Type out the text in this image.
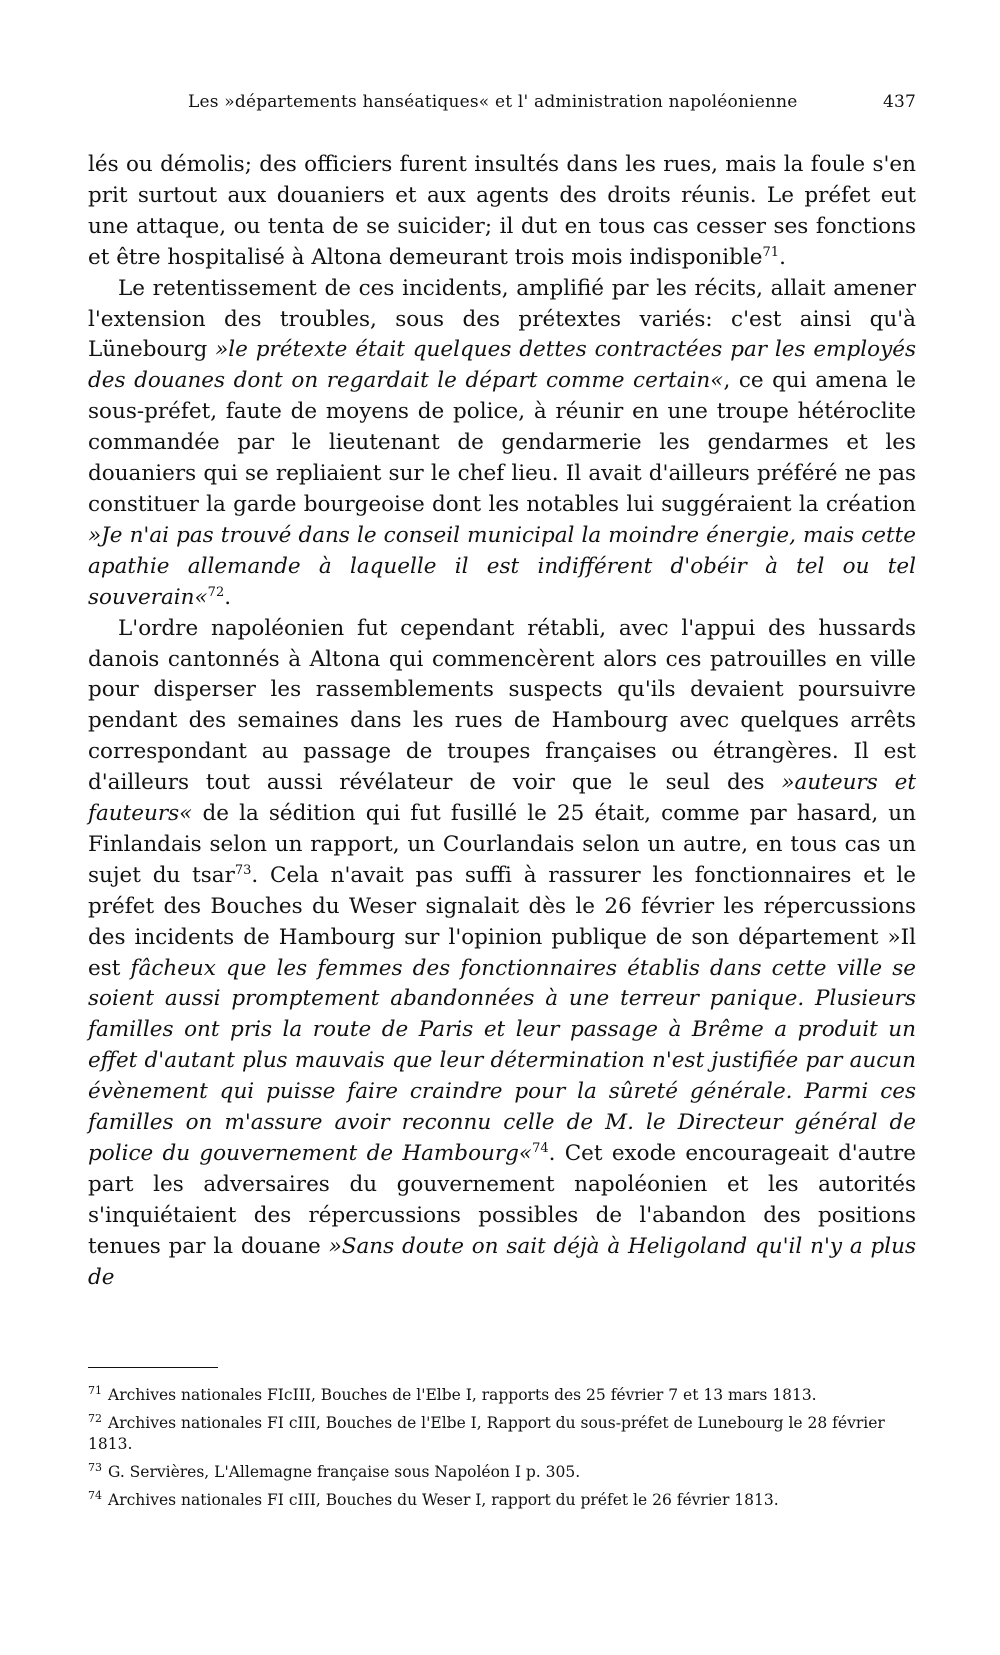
Les »départements hanséatiques« et l' administration napoléonienne	437

lés ou démolis; des officiers furent insultés dans les rues, mais la foule s'en prit surtout aux douaniers et aux agents des droits réunis. Le préfet eut une attaque, ou tenta de se suicider; il dut en tous cas cesser ses fonctions et être hospitalisé à Altona demeurant trois mois indisponible$^{71}$.

Le retentissement de ces incidents, amplifié par les récits, allait amener l'extension des troubles, sous des prétextes variés: c'est ainsi qu'à Lünebourg »le prétexte était quelques dettes contractées par les employés des douanes dont on regardait le départ comme certain«, ce qui amena le sous-préfet, faute de moyens de police, à réunir en une troupe hétéroclite commandée par le lieutenant de gendarmerie les gendarmes et les douaniers qui se repliaient sur le chef lieu. Il avait d'ailleurs préféré ne pas constituer la garde bourgeoise dont les notables lui suggéraient la création »Je n'ai pas trouvé dans le conseil municipal la moindre énergie, mais cette apathie allemande à laquelle il est indifférent d'obéir à tel ou tel souverain«$^{72}$.

L'ordre napoléonien fut cependant rétabli, avec l'appui des hussards danois cantonnés à Altona qui commencèrent alors ces patrouilles en ville pour disperser les rassemblements suspects qu'ils devaient poursuivre pendant des semaines dans les rues de Hambourg avec quelques arrêts correspondant au passage de troupes françaises ou étrangères. Il est d'ailleurs tout aussi révélateur de voir que le seul des »auteurs et fauteurs« de la sédition qui fut fusillé le 25 était, comme par hasard, un Finlandais selon un rapport, un Courlandais selon un autre, en tous cas un sujet du tsar$^{73}$. Cela n'avait pas suffi à rassurer les fonctionnaires et le préfet des Bouches du Weser signalait dès le 26 février les répercussions des incidents de Hambourg sur l'opinion publique de son département »Il est fâcheux que les femmes des fonctionnaires établis dans cette ville se soient aussi promptement abandonnées à une terreur panique. Plusieurs familles ont pris la route de Paris et leur passage à Brême a produit un effet d'autant plus mauvais que leur détermination n'est justifiée par aucun évènement qui puisse faire craindre pour la sûreté générale. Parmi ces familles on m'assure avoir reconnu celle de M. le Directeur général de police du gouvernement de Hambourg«$^{74}$. Cet exode encourageait d'autre part les adversaires du gouvernement napoléonien et les autorités s'inquiétaient des répercussions possibles de l'abandon des positions tenues par la douane »Sans doute on sait déjà à Heligoland qu'il n'y a plus de

$^{71}$ Archives nationales FIcIII, Bouches de l'Elbe I, rapports des 25 février 7 et 13 mars 1813.

$^{72}$ Archives nationales FI cIII, Bouches de l'Elbe I, Rapport du sous-préfet de Lunebourg le 28 février 1813.

$^{73}$ G. Servières, L'Allemagne française sous Napoléon I p. 305.

$^{74}$ Archives nationales FI cIII, Bouches du Weser I, rapport du préfet le 26 février 1813.
